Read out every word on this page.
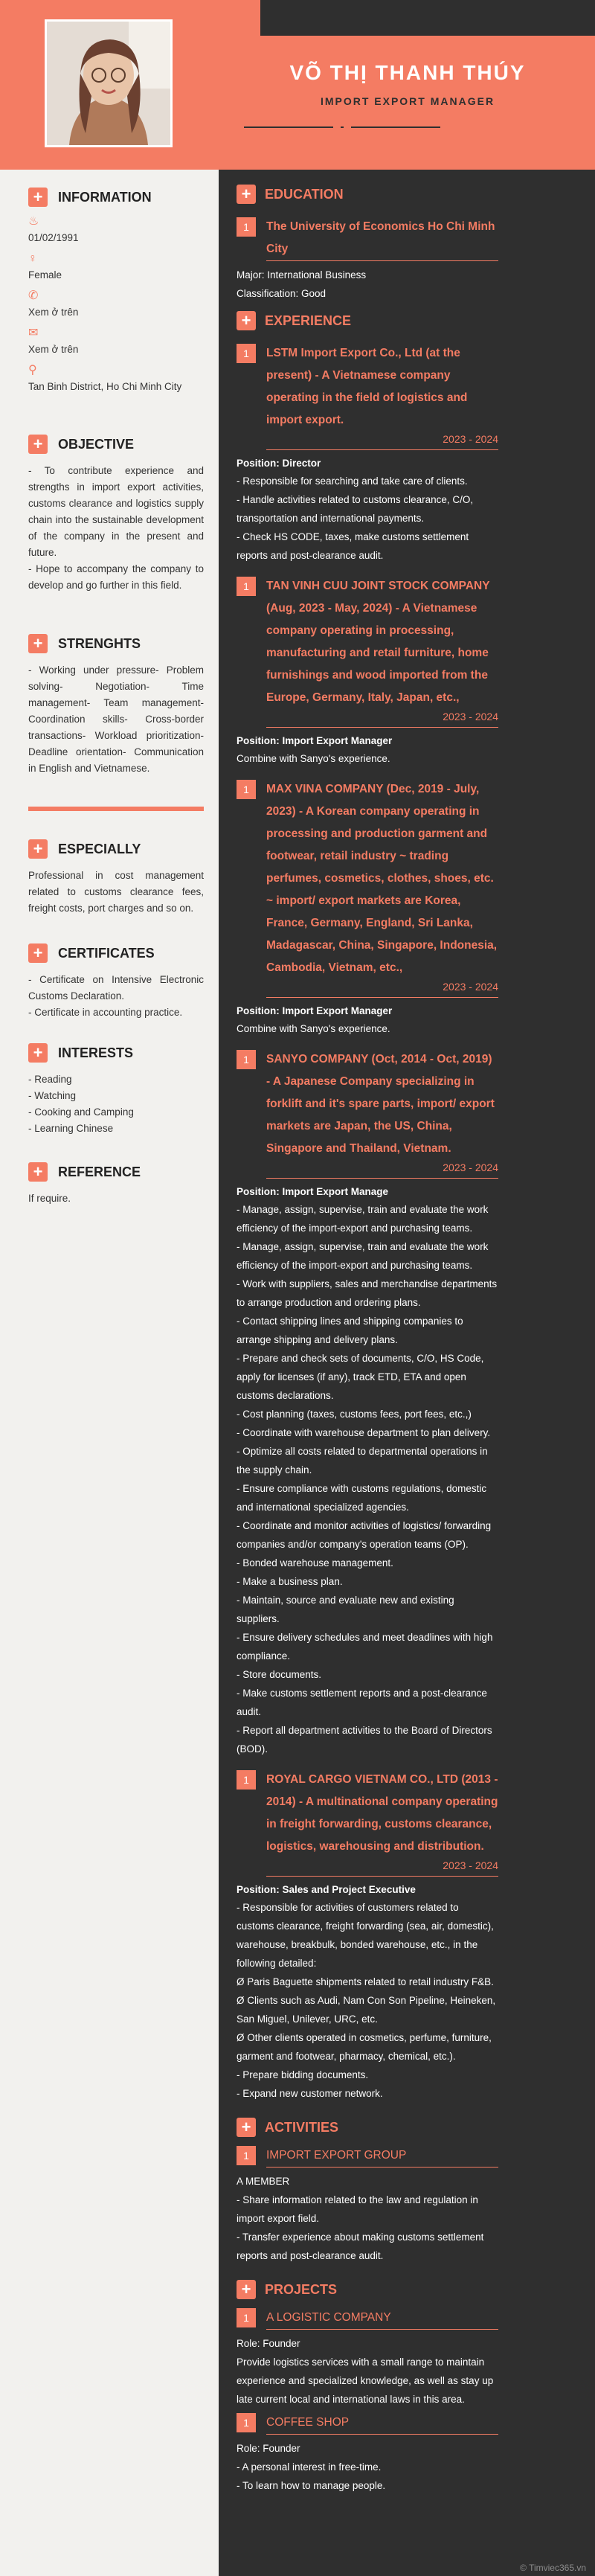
VÕ THỊ THANH THÚY
IMPORT EXPORT MANAGER
+	INFORMATION
♨
01/02/1991
♀
Female
✆
Xem ở trên
✉
Xem ở trên
⚲
Tan Binh District, Ho Chi Minh City
+	OBJECTIVE
- To contribute experience and strengths in import export activities, customs clearance and logistics supply chain into the sustainable development of the company in the present and future.
- Hope to accompany the company to develop and go further in this field.
+	STRENGHTS
- Working under pressure- Problem solving- Negotiation- Time management- Team management- Coordination skills- Cross-border transactions- Workload prioritization- Deadline orientation- Communication in English and Vietnamese.
+	ESPECIALLY
Professional in cost management related to customs clearance fees, freight costs, port charges and so on.
+	CERTIFICATES
- Certificate on Intensive Electronic Customs Declaration.
- Certificate in accounting practice.
+	INTERESTS
- Reading
- Watching
- Cooking and Camping
- Learning Chinese
+	REFERENCE
If require.
+	EDUCATION
1	The University of Economics Ho Chi Minh City
Major: International Business
Classification: Good
+	EXPERIENCE
1	LSTM Import Export Co., Ltd (at the present) - A Vietnamese company operating in the field of logistics and import export.
2023 - 2024
Position: Director
- Responsible for searching and take care of clients.
- Handle activities related to customs clearance, C/O, transportation and international payments.
- Check HS CODE, taxes, make customs settlement reports and post-clearance audit.
1	TAN VINH CUU JOINT STOCK COMPANY (Aug, 2023 - May, 2024) - A Vietnamese company operating in processing, manufacturing and retail furniture, home furnishings and wood imported from the Europe, Germany, Italy, Japan, etc.,
2023 - 2024
Position: Import Export Manager
Combine with Sanyo's experience.
1	MAX VINA COMPANY (Dec, 2019 - July, 2023) - A Korean company operating in processing and production garment and footwear, retail industry ~ trading perfumes, cosmetics, clothes, shoes, etc. ~ import/ export markets are Korea, France, Germany, England, Sri Lanka, Madagascar, China, Singapore, Indonesia, Cambodia, Vietnam, etc.,
2023 - 2024
Position: Import Export Manager
Combine with Sanyo's experience.
1	SANYO COMPANY (Oct, 2014 - Oct, 2019) - A Japanese Company specializing in forklift and it's spare parts, import/ export markets are Japan, the US, China, Singapore and Thailand, Vietnam.
2023 - 2024
Position: Import Export Manage
- Manage, assign, supervise, train and evaluate the work efficiency of the import-export and purchasing teams.
- Manage, assign, supervise, train and evaluate the work efficiency of the import-export and purchasing teams.
- Work with suppliers, sales and merchandise departments to arrange production and ordering plans.
- Contact shipping lines and shipping companies to arrange shipping and delivery plans.
- Prepare and check sets of documents, C/O, HS Code, apply for licenses (if any), track ETD, ETA and open customs declarations.
- Cost planning (taxes, customs fees, port fees, etc.,)
- Coordinate with warehouse department to plan delivery.
- Optimize all costs related to departmental operations in the supply chain.
- Ensure compliance with customs regulations, domestic and international specialized agencies.
- Coordinate and monitor activities of logistics/ forwarding companies and/or company's operation teams (OP).
- Bonded warehouse management.
- Make a business plan.
- Maintain, source and evaluate new and existing suppliers.
- Ensure delivery schedules and meet deadlines with high compliance.
- Store documents.
- Make customs settlement reports and a post-clearance audit.
- Report all department activities to the Board of Directors (BOD).
1	ROYAL CARGO VIETNAM CO., LTD (2013 - 2014) - A multinational company operating in freight forwarding, customs clearance, logistics, warehousing and distribution.
2023 - 2024
Position: Sales and Project Executive
- Responsible for activities of customers related to customs clearance, freight forwarding (sea, air, domestic), warehouse, breakbulk, bonded warehouse, etc., in the following detailed:
Ø Paris Baguette shipments related to retail industry F&B.
Ø Clients such as Audi, Nam Con Son Pipeline, Heineken, San Miguel, Unilever, URC, etc.
Ø Other clients operated in cosmetics, perfume, furniture, garment and footwear, pharmacy, chemical, etc.).
- Prepare bidding documents.
- Expand new customer network.
+	ACTIVITIES
1	IMPORT EXPORT GROUP
A MEMBER
- Share information related to the law and regulation in import export field.
- Transfer experience about making customs settlement reports and post-clearance audit.
+	PROJECTS
1	A LOGISTIC COMPANY
Role: Founder
Provide logistics services with a small range to maintain experience and specialized knowledge, as well as stay up late current local and international laws in this area.
1	COFFEE SHOP
Role: Founder
- A personal interest in free-time.
- To learn how to manage people.
© Timviec365.vn
